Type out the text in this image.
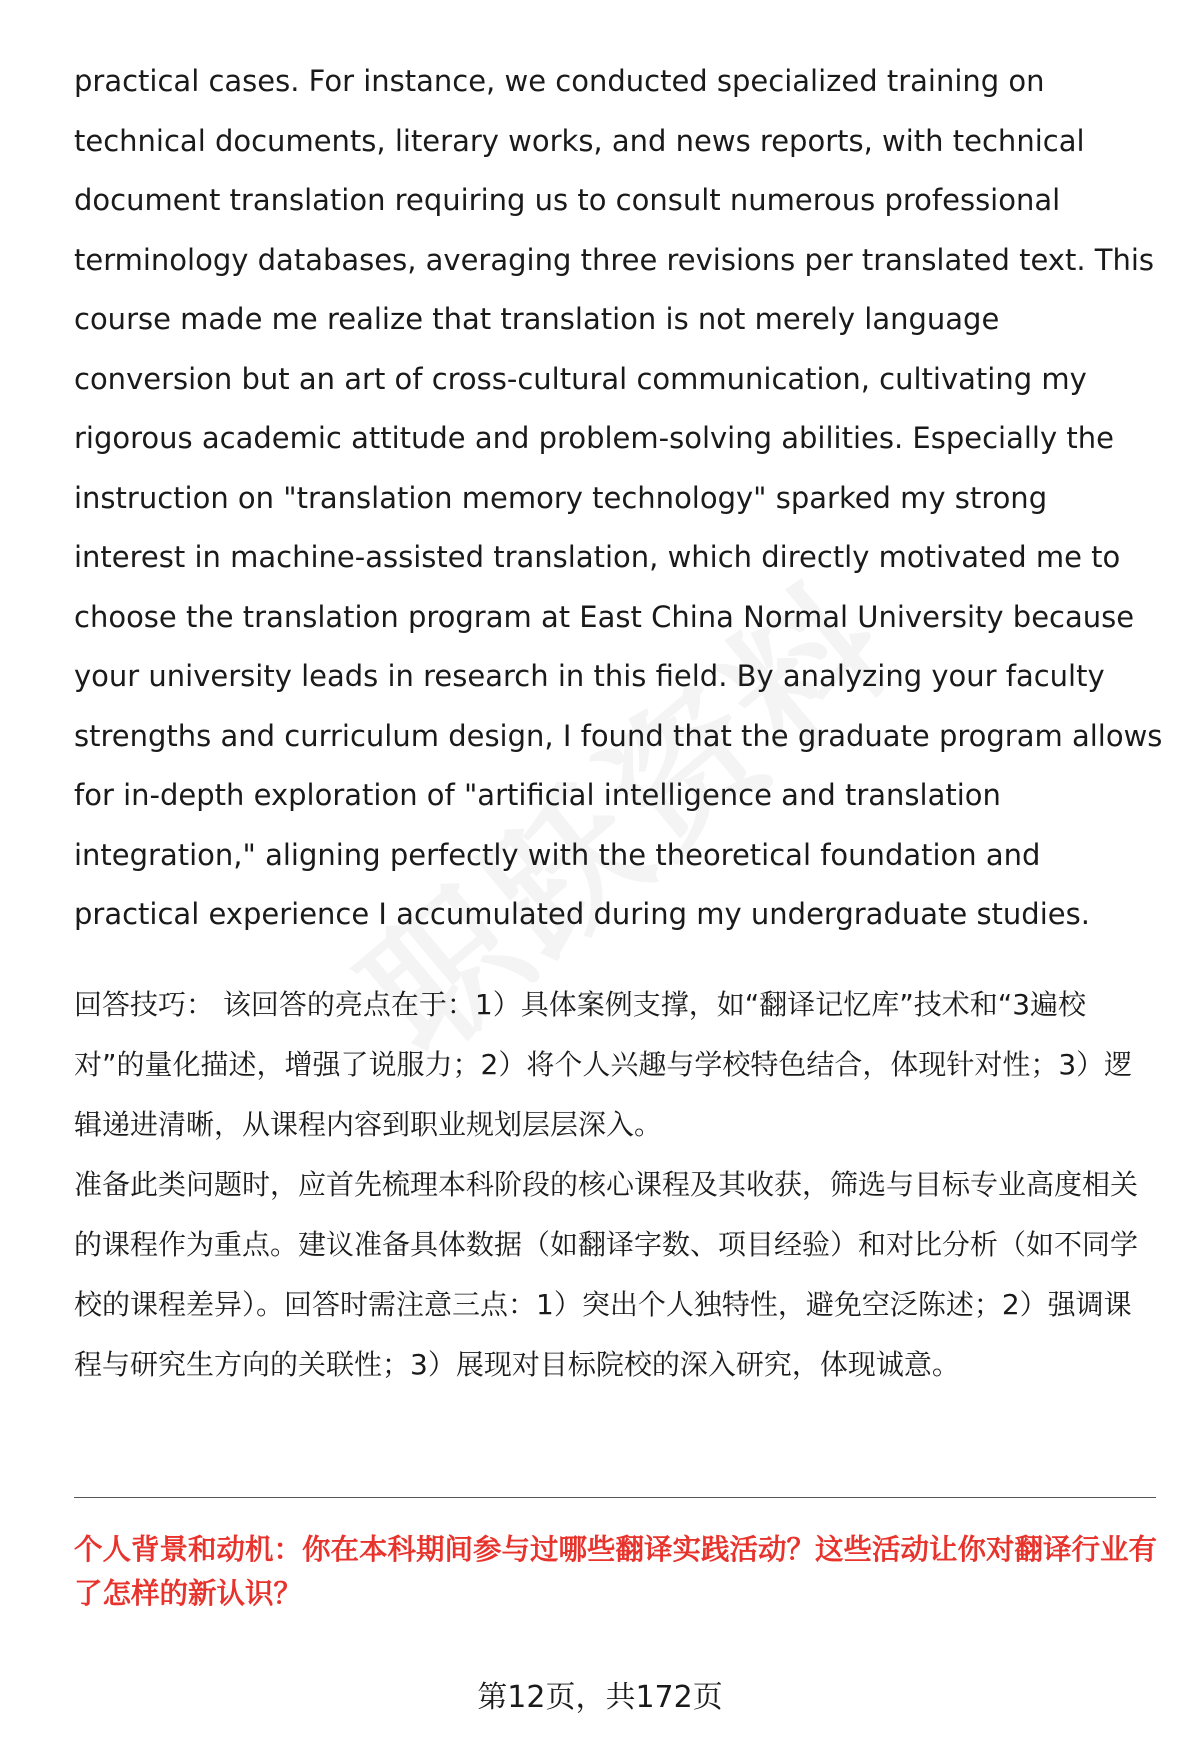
practical cases. For instance, we conducted specialized training on technical documents, literary works, and news reports, with technical document translation requiring us to consult numerous professional terminology databases, averaging three revisions per translated text. This course made me realize that translation is not merely language conversion but an art of cross-cultural communication, cultivating my rigorous academic attitude and problem-solving abilities. Especially the instruction on "translation memory technology" sparked my strong interest in machine-assisted translation, which directly motivated me to choose the translation program at East China Normal University because your university leads in research in this field. By analyzing your faculty strengths and curriculum design, I found that the graduate program allows for in-depth exploration of "artificial intelligence and translation integration," aligning perfectly with the theoretical foundation and practical experience I accumulated during my undergraduate studies.

回答技巧： 该回答的亮点在于：1）具体案例支撑，如“翻译记忆库”技术和“3遍校对”的量化描述，增强了说服力；2）将个人兴趣与学校特色结合，体现针对性；3）逻辑递进清晰，从课程内容到职业规划层层深入。

准备此类问题时，应首先梳理本科阶段的核心课程及其收获，筛选与目标专业高度相关的课程作为重点。建议准备具体数据（如翻译字数、项目经验）和对比分析（如不同学校的课程差异）。回答时需注意三点：1）突出个人独特性，避免空泛陈述；2）强调课程与研究生方向的关联性；3）展现对目标院校的深入研究，体现诚意。

个人背景和动机：你在本科期间参与过哪些翻译实践活动？这些活动让你对翻译行业有了怎样的新认识？

第12页，共172页
